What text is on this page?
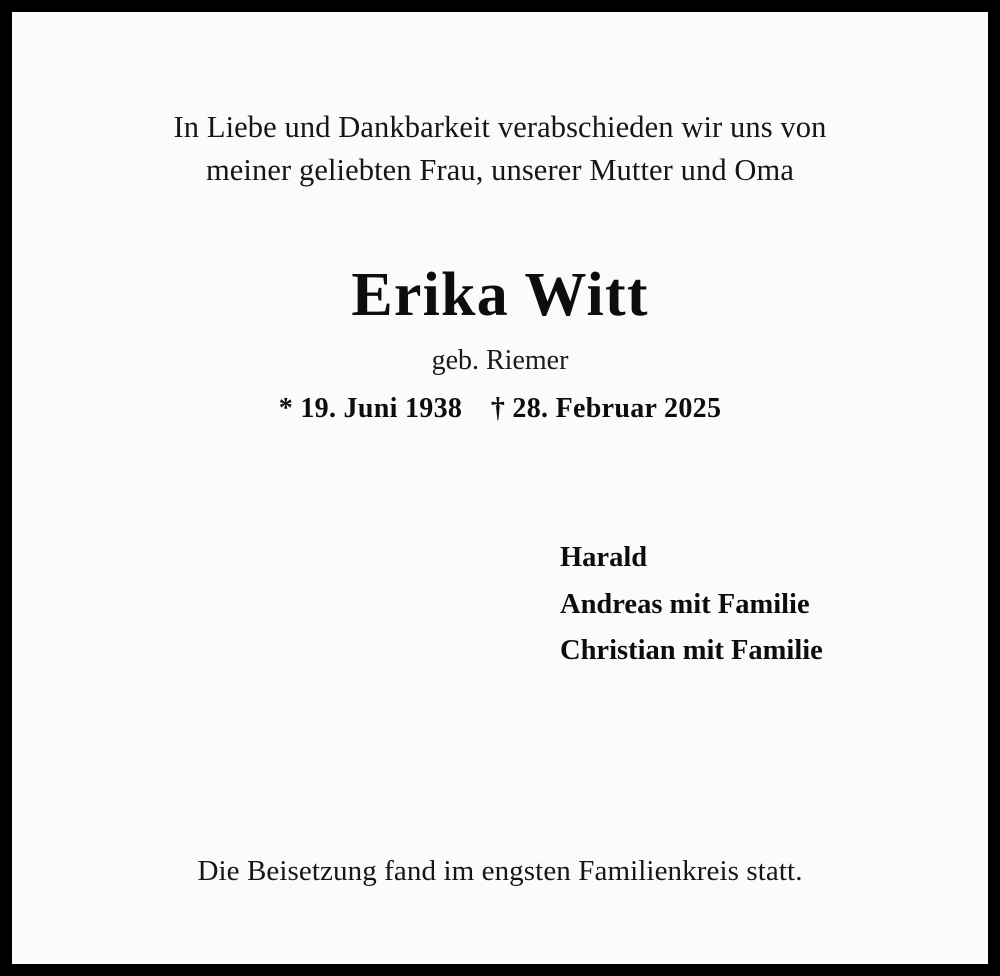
In Liebe und Dankbarkeit verabschieden wir uns von
meiner geliebten Frau, unserer Mutter und Oma
Erika Witt
geb. Riemer
* 19. Juni 1938 † 28. Februar 2025
Harald
Andreas mit Familie
Christian mit Familie
Die Beisetzung fand im engsten Familienkreis statt.
